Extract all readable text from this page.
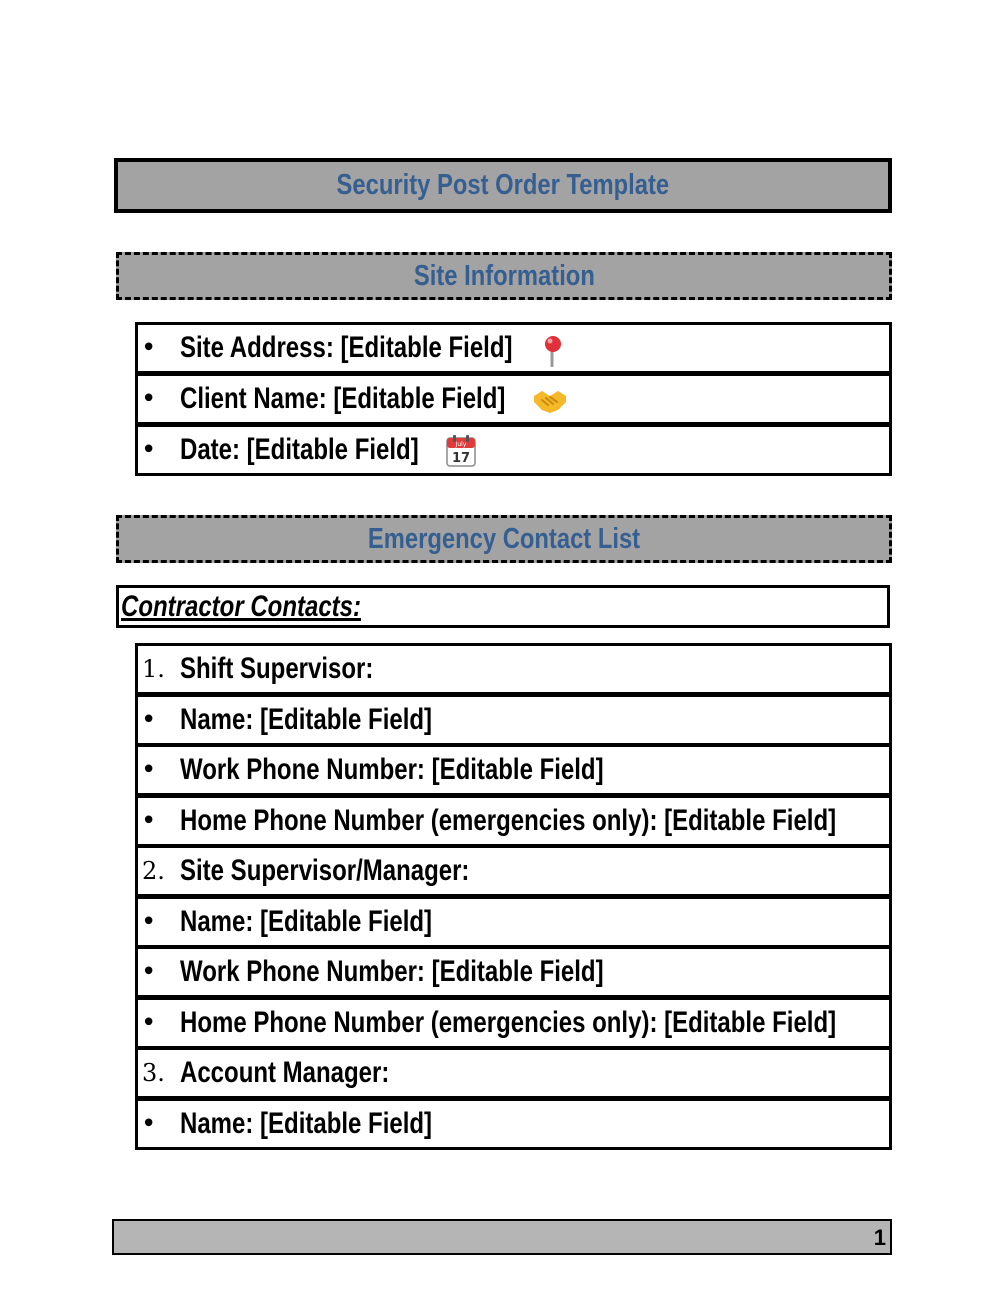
Security Post Order Template
Site Information
• Site Address: [Editable Field]
• Client Name: [Editable Field]
• Date: [Editable Field]	July
17
Emergency Contact List
Contractor Contacts:
1. Shift Supervisor:
• Name: [Editable Field]
• Work Phone Number: [Editable Field]
• Home Phone Number (emergencies only): [Editable Field]
2. Site Supervisor/Manager:
• Name: [Editable Field]
• Work Phone Number: [Editable Field]
• Home Phone Number (emergencies only): [Editable Field]
3. Account Manager:
• Name: [Editable Field]
1
